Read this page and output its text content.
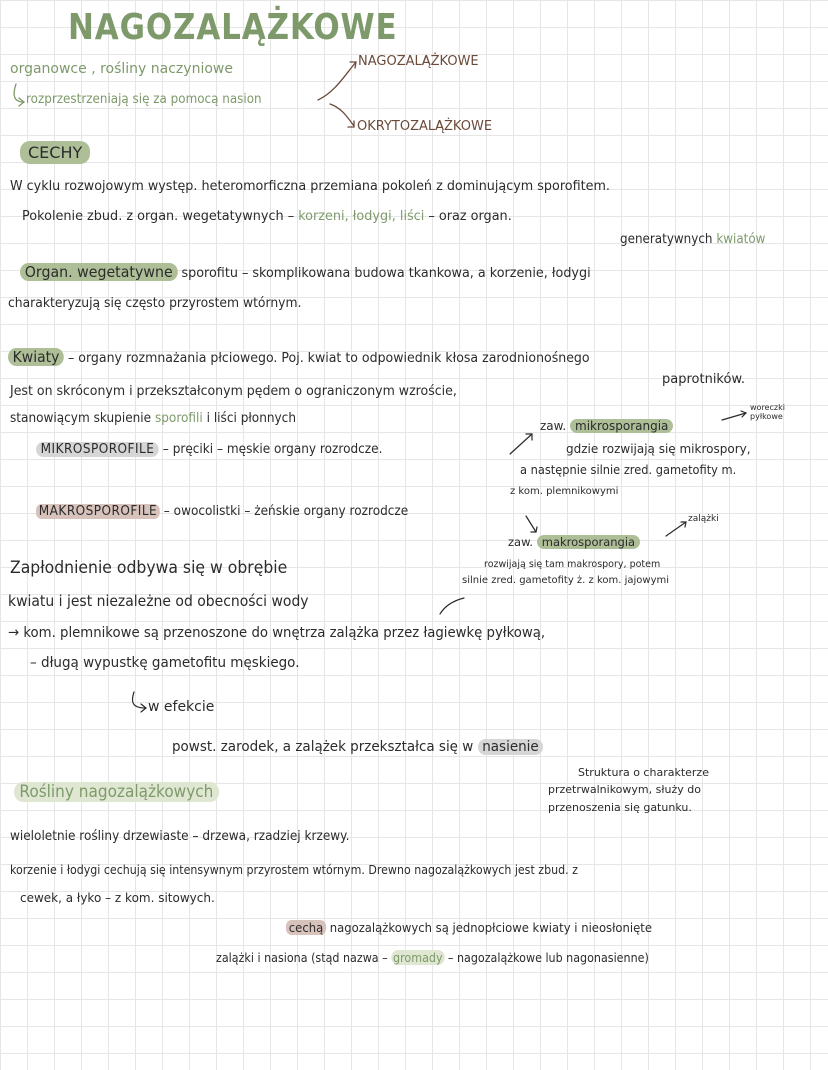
NAGOZALĄŻKOWE
organowce , rośliny naczyniowe
rozprzestrzeniają się za pomocą nasion
NAGOZALĄŻKOWE
OKRYTOZALĄŻKOWE
CECHY
W cyklu rozwojowym występ. heteromorficzna przemiana pokoleń z dominującym sporofitem.
Pokolenie zbud. z organ. wegetatywnych – korzeni, łodygi, liści – oraz organ.
generatywnych kwiatów
Organ. wegetatywne sporofitu – skomplikowana budowa tkankowa, a korzenie, łodygi
charakteryzują się często przyrostem wtórnym.
Kwiaty – organy rozmnażania płciowego. Poj. kwiat to odpowiednik kłosa zarodnionośnego
paprotników.
Jest on skróconym i przekształconym pędem o ograniczonym wzroście,
stanowiącym skupienie sporofili i liści płonnych
MIKROSPOROFILE – pręciki – męskie organy rozrodcze.
zaw. mikrosporangia
woreczki pyłkowe
gdzie rozwijają się mikrospory,
a następnie silnie zred. gametofity m.
z kom. plemnikowymi
MAKROSPOROFILE – owocolistki – żeńskie organy rozrodcze
zaw. makrosporangia
zalążki
rozwijają się tam makrospory, potem
silnie zred. gametofity ż. z kom. jajowymi
Zapłodnienie odbywa się w obrębie
kwiatu i jest niezależne od obecności wody
→ kom. plemnikowe są przenoszone do wnętrza zalążka przez łagiewkę pyłkową,
– długą wypustkę gametofitu męskiego.
w efekcie
powst. zarodek, a zalążek przekształca się w nasienie
Struktura o charakterze
przetrwalnikowym, służy do
przenoszenia się gatunku.
Rośliny nagozalążkowych
wieloletnie rośliny drzewiaste – drzewa, rzadziej krzewy.
korzenie i łodygi cechują się intensywnym przyrostem wtórnym. Drewno nagozalążkowych jest zbud. z
cewek, a łyko – z kom. sitowych.
cechą nagozalążkowych są jednopłciowe kwiaty i nieosłonięte
zalążki i nasiona (stąd nazwa – gromady – nagozalążkowe lub nagonasienne)
